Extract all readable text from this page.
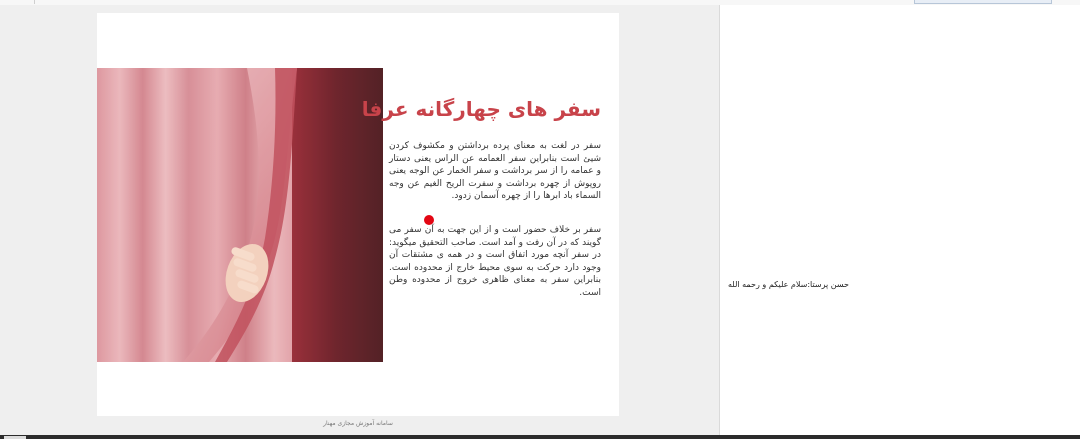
سفر های چهارگانه عرفا
سفر در لغت به معنای پرده برداشتن و مکشوف کردن شیئ است بنابراین سفر العمامه عن الراس یعنی دستار و عمامه را از سر برداشت و سفر الخمار عن الوجه یعنی روپوش از چهره برداشت و سفرت الریح الغیم عن وجه السماء باد ابرها را از چهره آسمان زدود.
سفر بر خلاف حضور است و از این جهت به آن سفر می گویند که در آن رفت و آمد است. صاحب التحقیق میگوید: در سفر آنچه مورد اتفاق است و در همه ی مشتقات آن وجود دارد حرکت به سوی محیط خارج از محدوده است. بنابراین سفر به معنای ظاهری خروج از محدوده وطن است.
سامانه آموزش مجازی مهنار
حسن پرستا:سلام علیکم و رحمه الله
